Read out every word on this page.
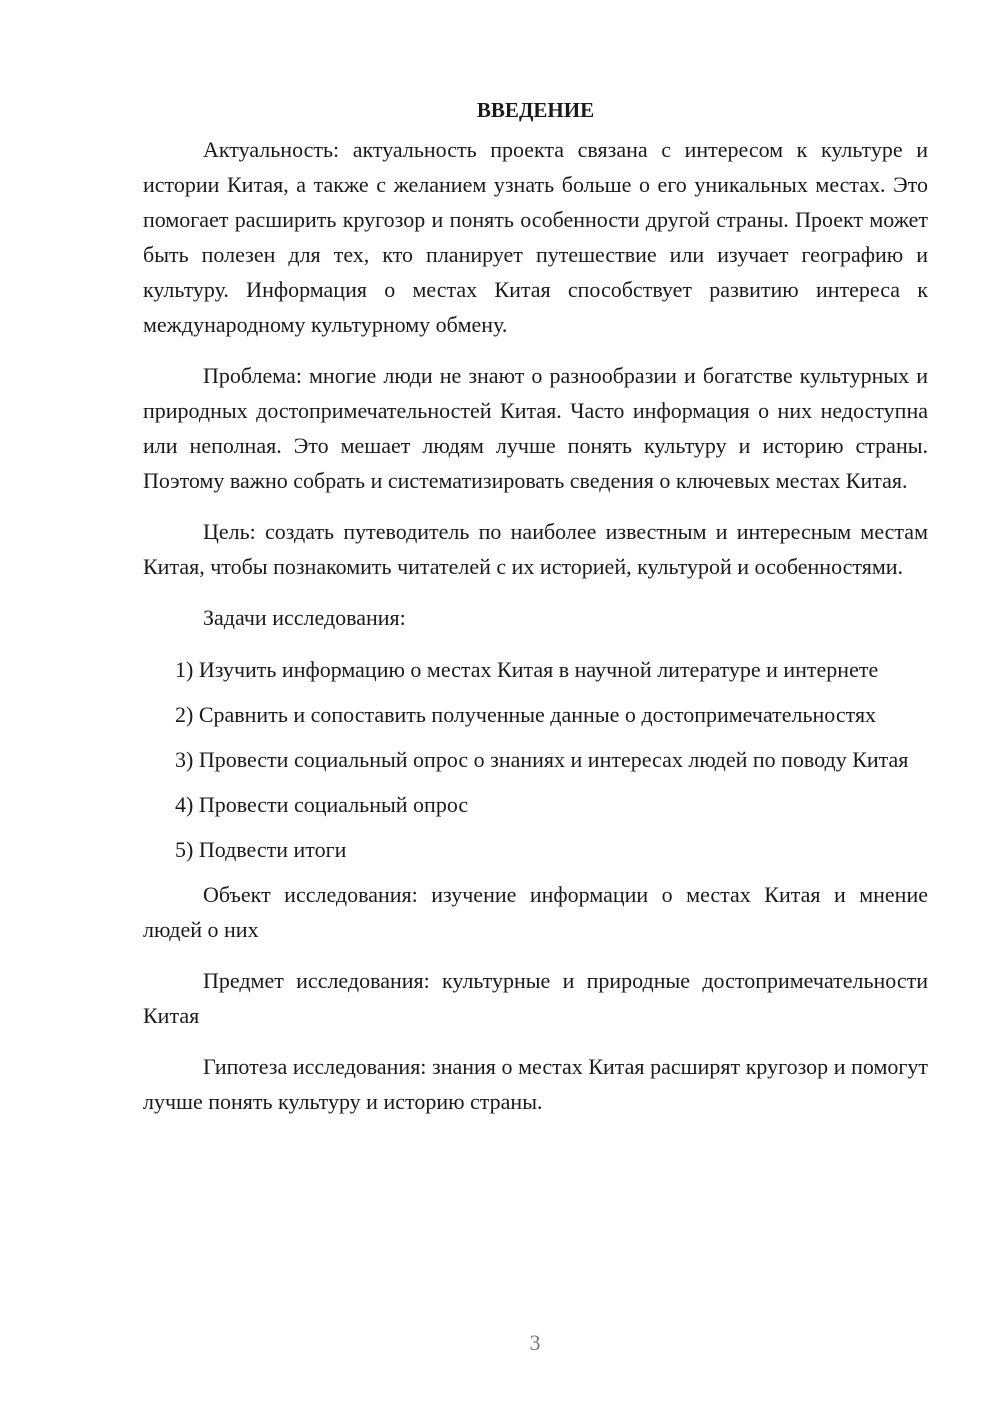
ВВЕДЕНИЕ
Актуальность: актуальность проекта связана с интересом к культуре и истории Китая, а также с желанием узнать больше о его уникальных местах. Это помогает расширить кругозор и понять особенности другой страны. Проект может быть полезен для тех, кто планирует путешествие или изучает географию и культуру. Информация о местах Китая способствует развитию интереса к международному культурному обмену.
Проблема: многие люди не знают о разнообразии и богатстве культурных и природных достопримечательностей Китая. Часто информация о них недоступна или неполная. Это мешает людям лучше понять культуру и историю страны. Поэтому важно собрать и систематизировать сведения о ключевых местах Китая.
Цель: создать путеводитель по наиболее известным и интересным местам Китая, чтобы познакомить читателей с их историей, культурой и особенностями.
Задачи исследования:
1) Изучить информацию о местах Китая в научной литературе и интернете
2) Сравнить и сопоставить полученные данные о достопримечательностях
3) Провести социальный опрос о знаниях и интересах людей по поводу Китая
4) Провести социальный опрос
5) Подвести итоги
Объект исследования: изучение информации о местах Китая и мнение людей о них
Предмет исследования: культурные и природные достопримечательности Китая
Гипотеза исследования: знания о местах Китая расширят кругозор и помогут лучше понять культуру и историю страны.
3
